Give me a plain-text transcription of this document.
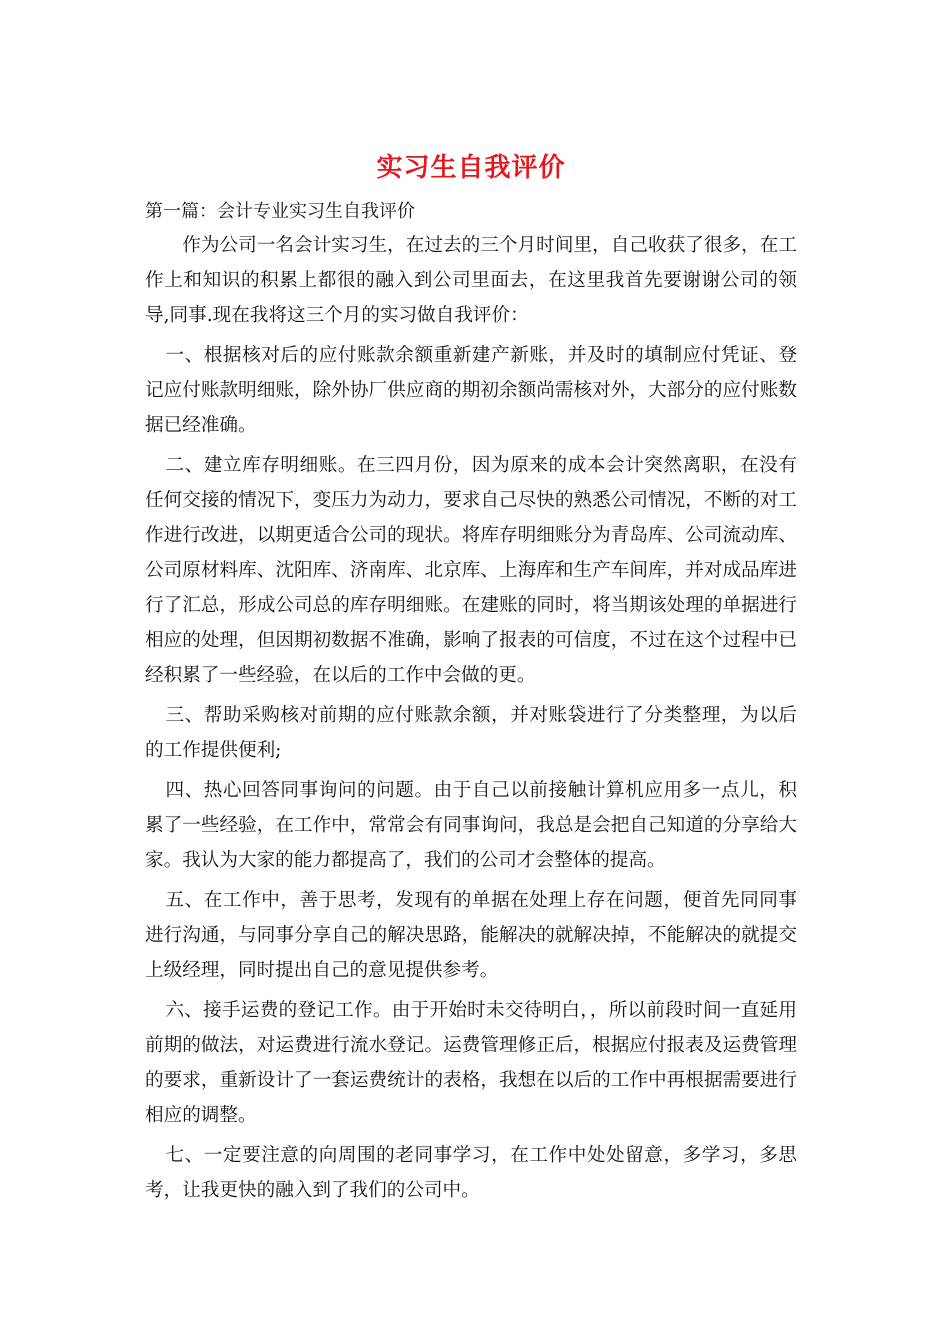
实习生自我评价

第一篇：会计专业实习生自我评价

作为公司一名会计实习生，在过去的三个月时间里，自己收获了很多，在工作上和知识的积累上都很的融入到公司里面去，在这里我首先要谢谢公司的领导,同事.现在我将这三个月的实习做自我评价：

一、根据核对后的应付账款余额重新建产新账，并及时的填制应付凭证、登记应付账款明细账，除外协厂供应商的期初余额尚需核对外，大部分的应付账数据已经准确。

二、建立库存明细账。在三四月份，因为原来的成本会计突然离职，在没有任何交接的情况下，变压力为动力，要求自己尽快的熟悉公司情况，不断的对工作进行改进，以期更适合公司的现状。将库存明细账分为青岛库、公司流动库、公司原材料库、沈阳库、济南库、北京库、上海库和生产车间库，并对成品库进行了汇总，形成公司总的库存明细账。在建账的同时，将当期该处理的单据进行相应的处理，但因期初数据不准确，影响了报表的可信度，不过在这个过程中已经积累了一些经验，在以后的工作中会做的更。

三、帮助采购核对前期的应付账款余额，并对账袋进行了分类整理，为以后的工作提供便利;

四、热心回答同事询问的问题。由于自己以前接触计算机应用多一点儿，积累了一些经验，在工作中，常常会有同事询问，我总是会把自己知道的分享给大家。我认为大家的能力都提高了，我们的公司才会整体的提高。

五、在工作中，善于思考，发现有的单据在处理上存在问题，便首先同同事进行沟通，与同事分享自己的解决思路，能解决的就解决掉，不能解决的就提交上级经理，同时提出自己的意见提供参考。

六、接手运费的登记工作。由于开始时未交待明白，，所以前段时间一直延用前期的做法，对运费进行流水登记。运费管理修正后，根据应付报表及运费管理的要求，重新设计了一套运费统计的表格，我想在以后的工作中再根据需要进行相应的调整。

七、一定要注意的向周围的老同事学习，在工作中处处留意，多学习，多思考，让我更快的融入到了我们的公司中。
